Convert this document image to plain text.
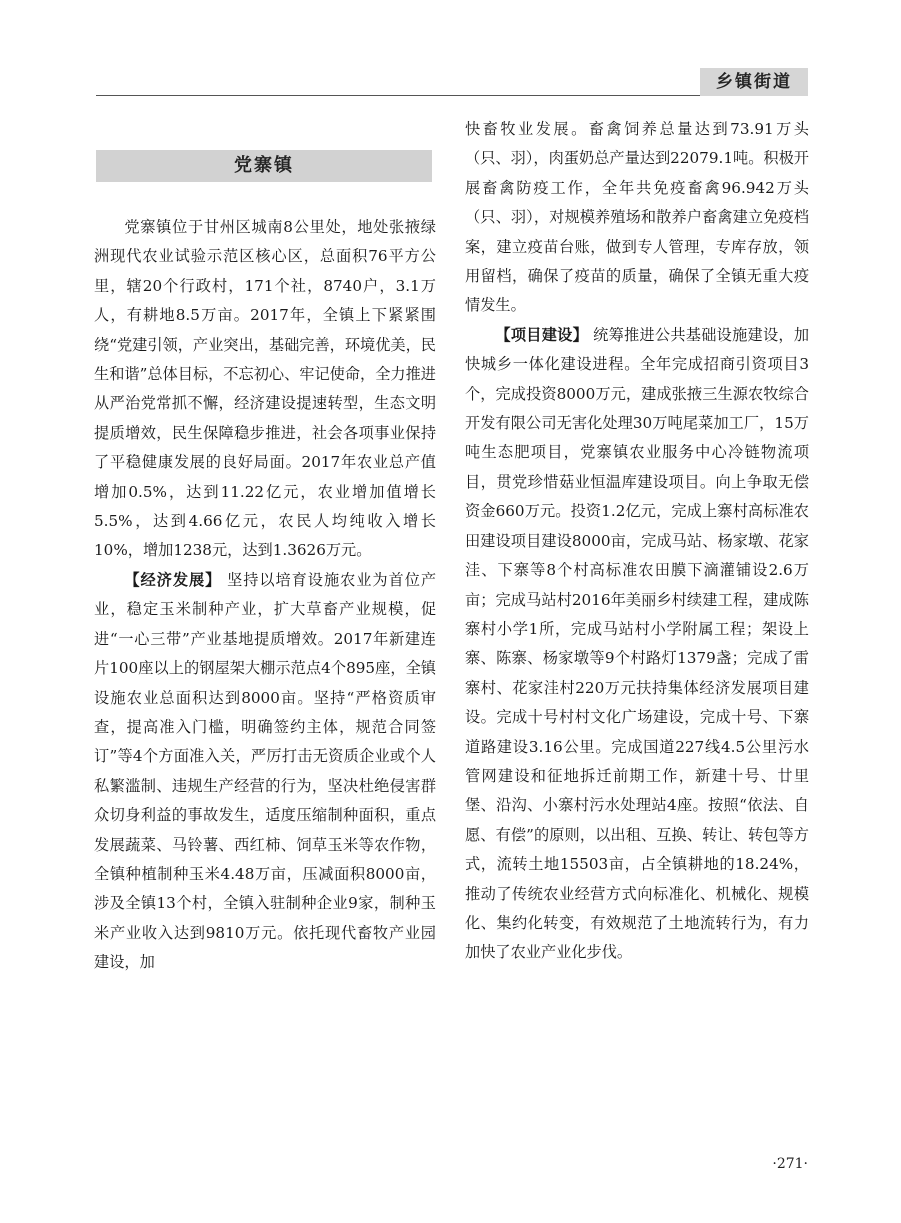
乡镇街道
党寨镇

党寨镇位于甘州区城南8公里处，地处张掖绿洲现代农业试验示范区核心区，总面积76平方公里，辖20个行政村，171个社，8740户，3.1万人，有耕地8.5万亩。2017年，全镇上下紧紧围绕“党建引领，产业突出，基础完善，环境优美，民生和谐”总体目标，不忘初心、牢记使命，全力推进从严治党常抓不懈，经济建设提速转型，生态文明提质增效，民生保障稳步推进，社会各项事业保持了平稳健康发展的良好局面。2017年农业总产值增加0.5%，达到11.22亿元，农业增加值增长5.5%，达到4.66亿元，农民人均纯收入增长10%，增加1238元，达到1.3626万元。

【经济发展】 坚持以培育设施农业为首位产业，稳定玉米制种产业，扩大草畜产业规模，促进“一心三带”产业基地提质增效。2017年新建连片100座以上的钢屋架大棚示范点4个895座，全镇设施农业总面积达到8000亩。坚持“严格资质审查，提高准入门槛，明确签约主体，规范合同签订”等4个方面准入关，严厉打击无资质企业或个人私繁滥制、违规生产经营的行为，坚决杜绝侵害群众切身利益的事故发生，适度压缩制种面积，重点发展蔬菜、马铃薯、西红柿、饲草玉米等农作物，全镇种植制种玉米4.48万亩，压减面积8000亩，涉及全镇13个村，全镇入驻制种企业9家，制种玉米产业收入达到9810万元。依托现代畜牧产业园建设，加

快畜牧业发展。畜禽饲养总量达到73.91万头（只、羽），肉蛋奶总产量达到22079.1吨。积极开展畜禽防疫工作，全年共免疫畜禽96.942万头（只、羽），对规模养殖场和散养户畜禽建立免疫档案，建立疫苗台账，做到专人管理，专库存放，领用留档，确保了疫苗的质量，确保了全镇无重大疫情发生。

【项目建设】 统筹推进公共基础设施建设，加快城乡一体化建设进程。全年完成招商引资项目3个，完成投资8000万元，建成张掖三生源农牧综合开发有限公司无害化处理30万吨尾菜加工厂，15万吨生态肥项目，党寨镇农业服务中心冷链物流项目，贯党珍惜菇业恒温库建设项目。向上争取无偿资金660万元。投资1.2亿元，完成上寨村高标准农田建设项目建设8000亩，完成马站、杨家墩、花家洼、下寨等8个村高标准农田膜下滴灌铺设2.6万亩；完成马站村2016年美丽乡村续建工程，建成陈寨村小学1所，完成马站村小学附属工程；架设上寨、陈寨、杨家墩等9个村路灯1379盏；完成了雷寨村、花家洼村220万元扶持集体经济发展项目建设。完成十号村村文化广场建设，完成十号、下寨道路建设3.16公里。完成国道227线4.5公里污水管网建设和征地拆迁前期工作，新建十号、廿里堡、沿沟、小寨村污水处理站4座。按照“依法、自愿、有偿”的原则，以出租、互换、转让、转包等方式，流转土地15503亩，占全镇耕地的18.24%，推动了传统农业经营方式向标准化、机械化、规模化、集约化转变，有效规范了土地流转行为，有力加快了农业产业化步伐。

·271·
